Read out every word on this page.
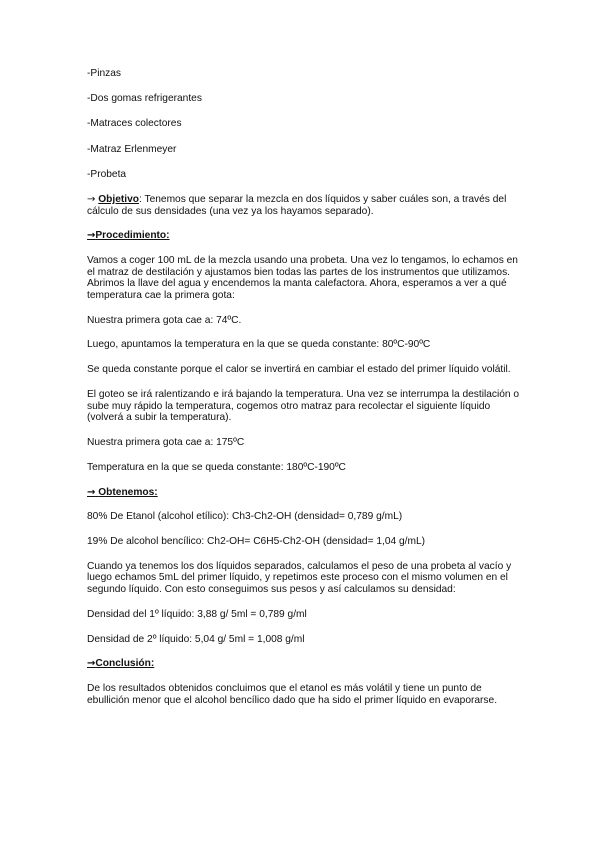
-Pinzas

-Dos gomas refrigerantes

-Matraces colectores

-Matraz Erlenmeyer

-Probeta

→ Objetivo: Tenemos que separar la mezcla en dos líquidos y saber cuáles son, a través del cálculo de sus densidades (una vez ya los hayamos separado).

→Procedimiento:

Vamos a coger 100 mL de la mezcla usando una probeta. Una vez lo tengamos, lo echamos en el matraz de destilación y ajustamos bien todas las partes de los instrumentos que utilizamos. Abrimos la llave del agua y encendemos la manta calefactora. Ahora, esperamos a ver a qué temperatura cae la primera gota:

Nuestra primera gota cae a: 74ºC.

Luego, apuntamos la temperatura en la que se queda constante: 80ºC-90ºC

Se queda constante porque el calor se invertirá en cambiar el estado del primer líquido volátil.

El goteo se irá ralentizando e irá bajando la temperatura. Una vez se interrumpa la destilación o sube muy rápido la temperatura, cogemos otro matraz para recolectar el siguiente líquido (volverá a subir la temperatura).

Nuestra primera gota cae a: 175ºC

Temperatura en la que se queda constante: 180ºC-190ºC

→ Obtenemos:

80% De Etanol (alcohol etílico): Ch3-Ch2-OH (densidad= 0,789 g/mL)

19% De alcohol bencílico: Ch2-OH= C6H5-Ch2-OH (densidad= 1,04 g/mL)

Cuando ya tenemos los dos líquidos separados, calculamos el peso de una probeta al vacío y luego echamos 5mL del primer líquido, y repetimos este proceso con el mismo volumen en el segundo líquido. Con esto conseguimos sus pesos y así calculamos su densidad:

Densidad del 1º líquido: 3,88 g/ 5ml = 0,789 g/ml

Densidad de 2º líquido: 5,04 g/ 5ml = 1,008 g/ml

→Conclusión:

De los resultados obtenidos concluimos que el etanol es más volátil y tiene un punto de ebullición menor que el alcohol bencílico dado que ha sido el primer líquido en evaporarse.
